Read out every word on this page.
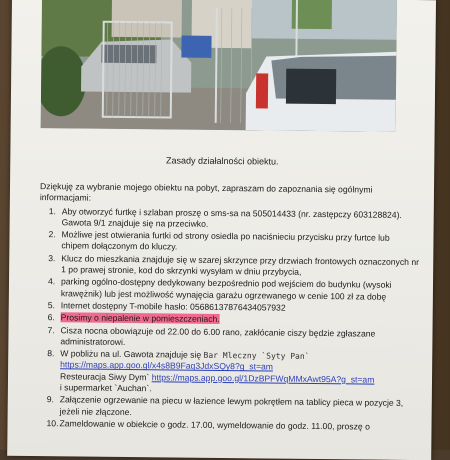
Zasady działalności obiektu.

Dziękuję za wybranie mojego obiektu na pobyt, zapraszam do zapoznania się ogólnymi informacjami:

1. Aby otworzyć furtkę i szlaban proszę o sms-sa na 505014433 (nr. zastępczy 603128824). Gawota 9/1 znajduje się na przeciwko.
2. Możliwe jest otwierania furtki od strony osiedla po naciśnieciu przycisku przy furtce lub chipem dołączonym do kluczy.
3. Klucz do mieszkania znajduje się w szarej skrzynce przy drzwiach frontowych oznaczonych nr 1 po prawej stronie, kod do skrzynki wysyłam w dniu przybycia,
4. parking ogólno-dostępny dedykowany bezpośrednio pod wejściem do budynku (wysoki krawężnik) lub jest możliwość wynajęcia garażu ogrzewanego w cenie 100 zł za dobę
5. Internet dostępny T-mobile hasło: 05686137876434057932
6. Prosimy o niepalenie w pomieszczeniach.
7. Cisza nocna obowiązuje od 22.00 do 6.00 rano, zakłócanie ciszy będzie zgłaszane administratorowi.
8. W pobliżu na ul. Gawota znajduje się Bar Mleczny `Syty Pan`
https://maps.app.goo.gl/x4s8B9Faq3JdxSQy8?g_st=am
Resteuracja Siwy Dym` https://maps.app.goo.gl/1DzBPFWqMMxAwt95A?g_st=am
i supermarket `Auchan`.
9. Załączenie ogrzewanie na piecu w łazience lewym pokrętłem na tablicy pieca w pozycje 3, jeżeli nie złączone.
10. Zameldowanie w obiekcie o godz. 17.00, wymeldowanie do godz. 11.00, proszę o
